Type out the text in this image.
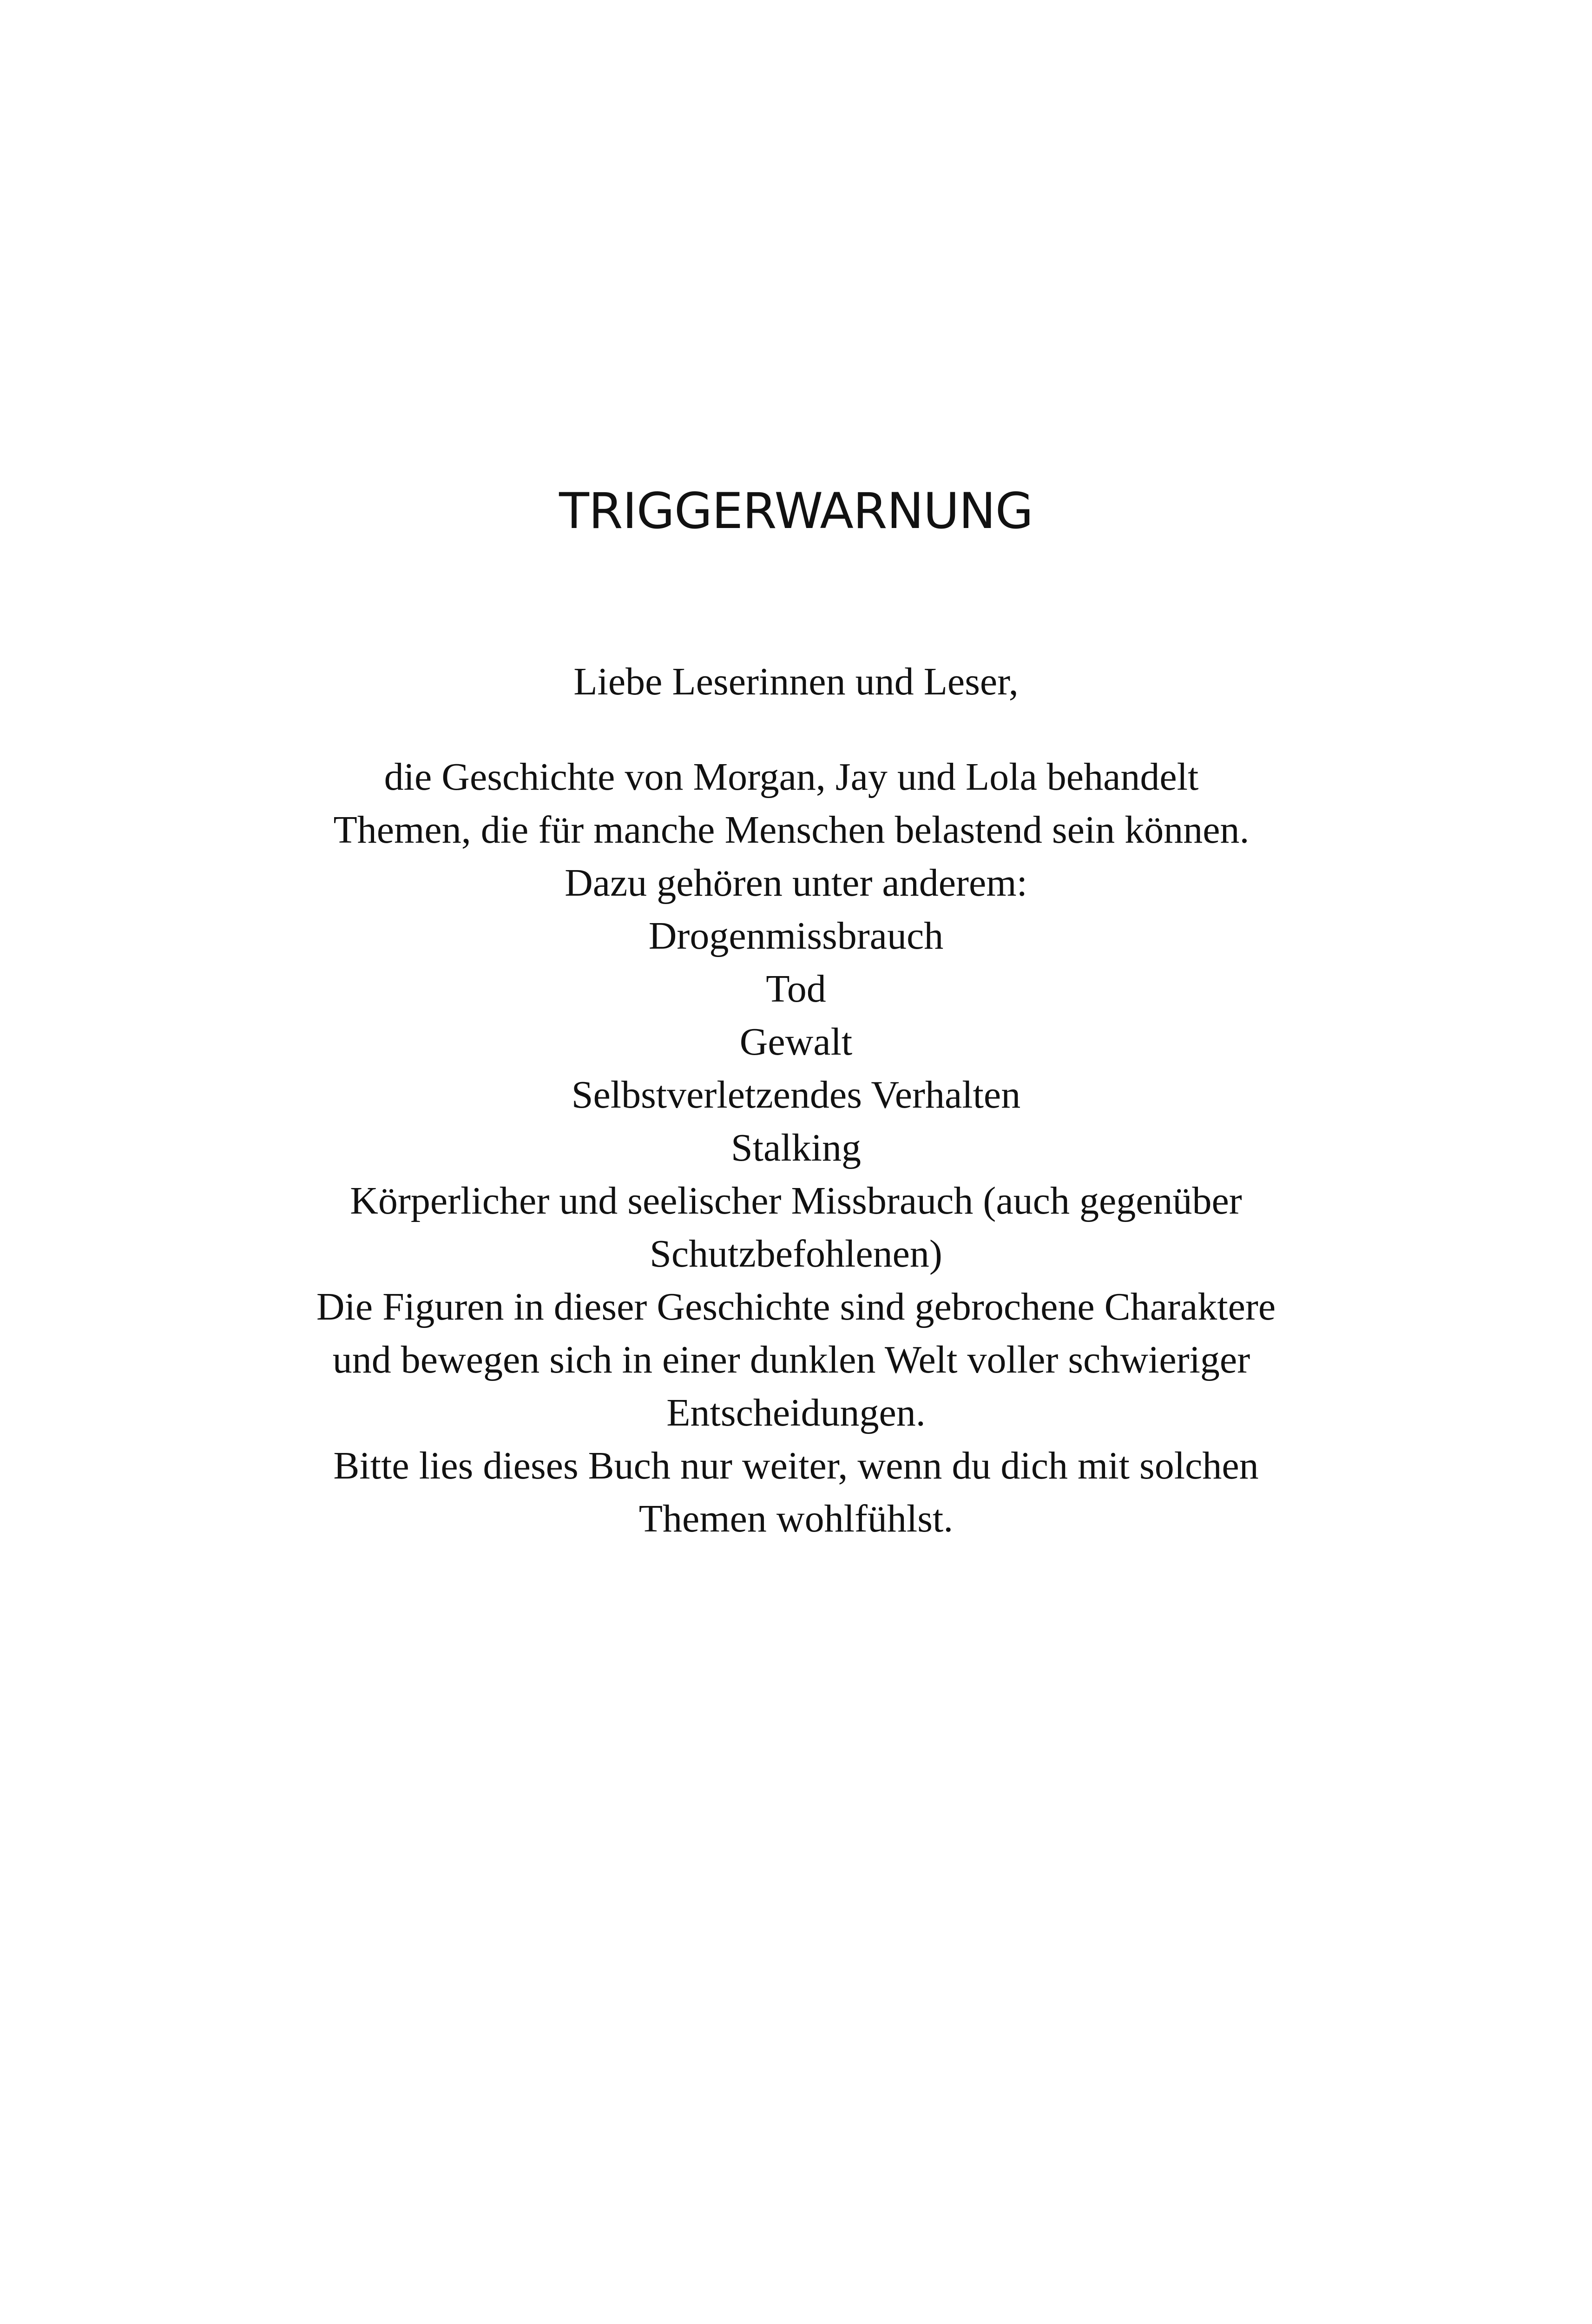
TRIGGERWARNUNG

Liebe Leserinnen und Leser,

die Geschichte von Morgan, Jay und Lola behandelt
Themen, die für manche Menschen belastend sein können.
Dazu gehören unter anderem:
Drogenmissbrauch
Tod
Gewalt
Selbstverletzendes Verhalten
Stalking
Körperlicher und seelischer Missbrauch (auch gegenüber
Schutzbefohlenen)
Die Figuren in dieser Geschichte sind gebrochene Charaktere
und bewegen sich in einer dunklen Welt voller schwieriger
Entscheidungen.
Bitte lies dieses Buch nur weiter, wenn du dich mit solchen
Themen wohlfühlst.
